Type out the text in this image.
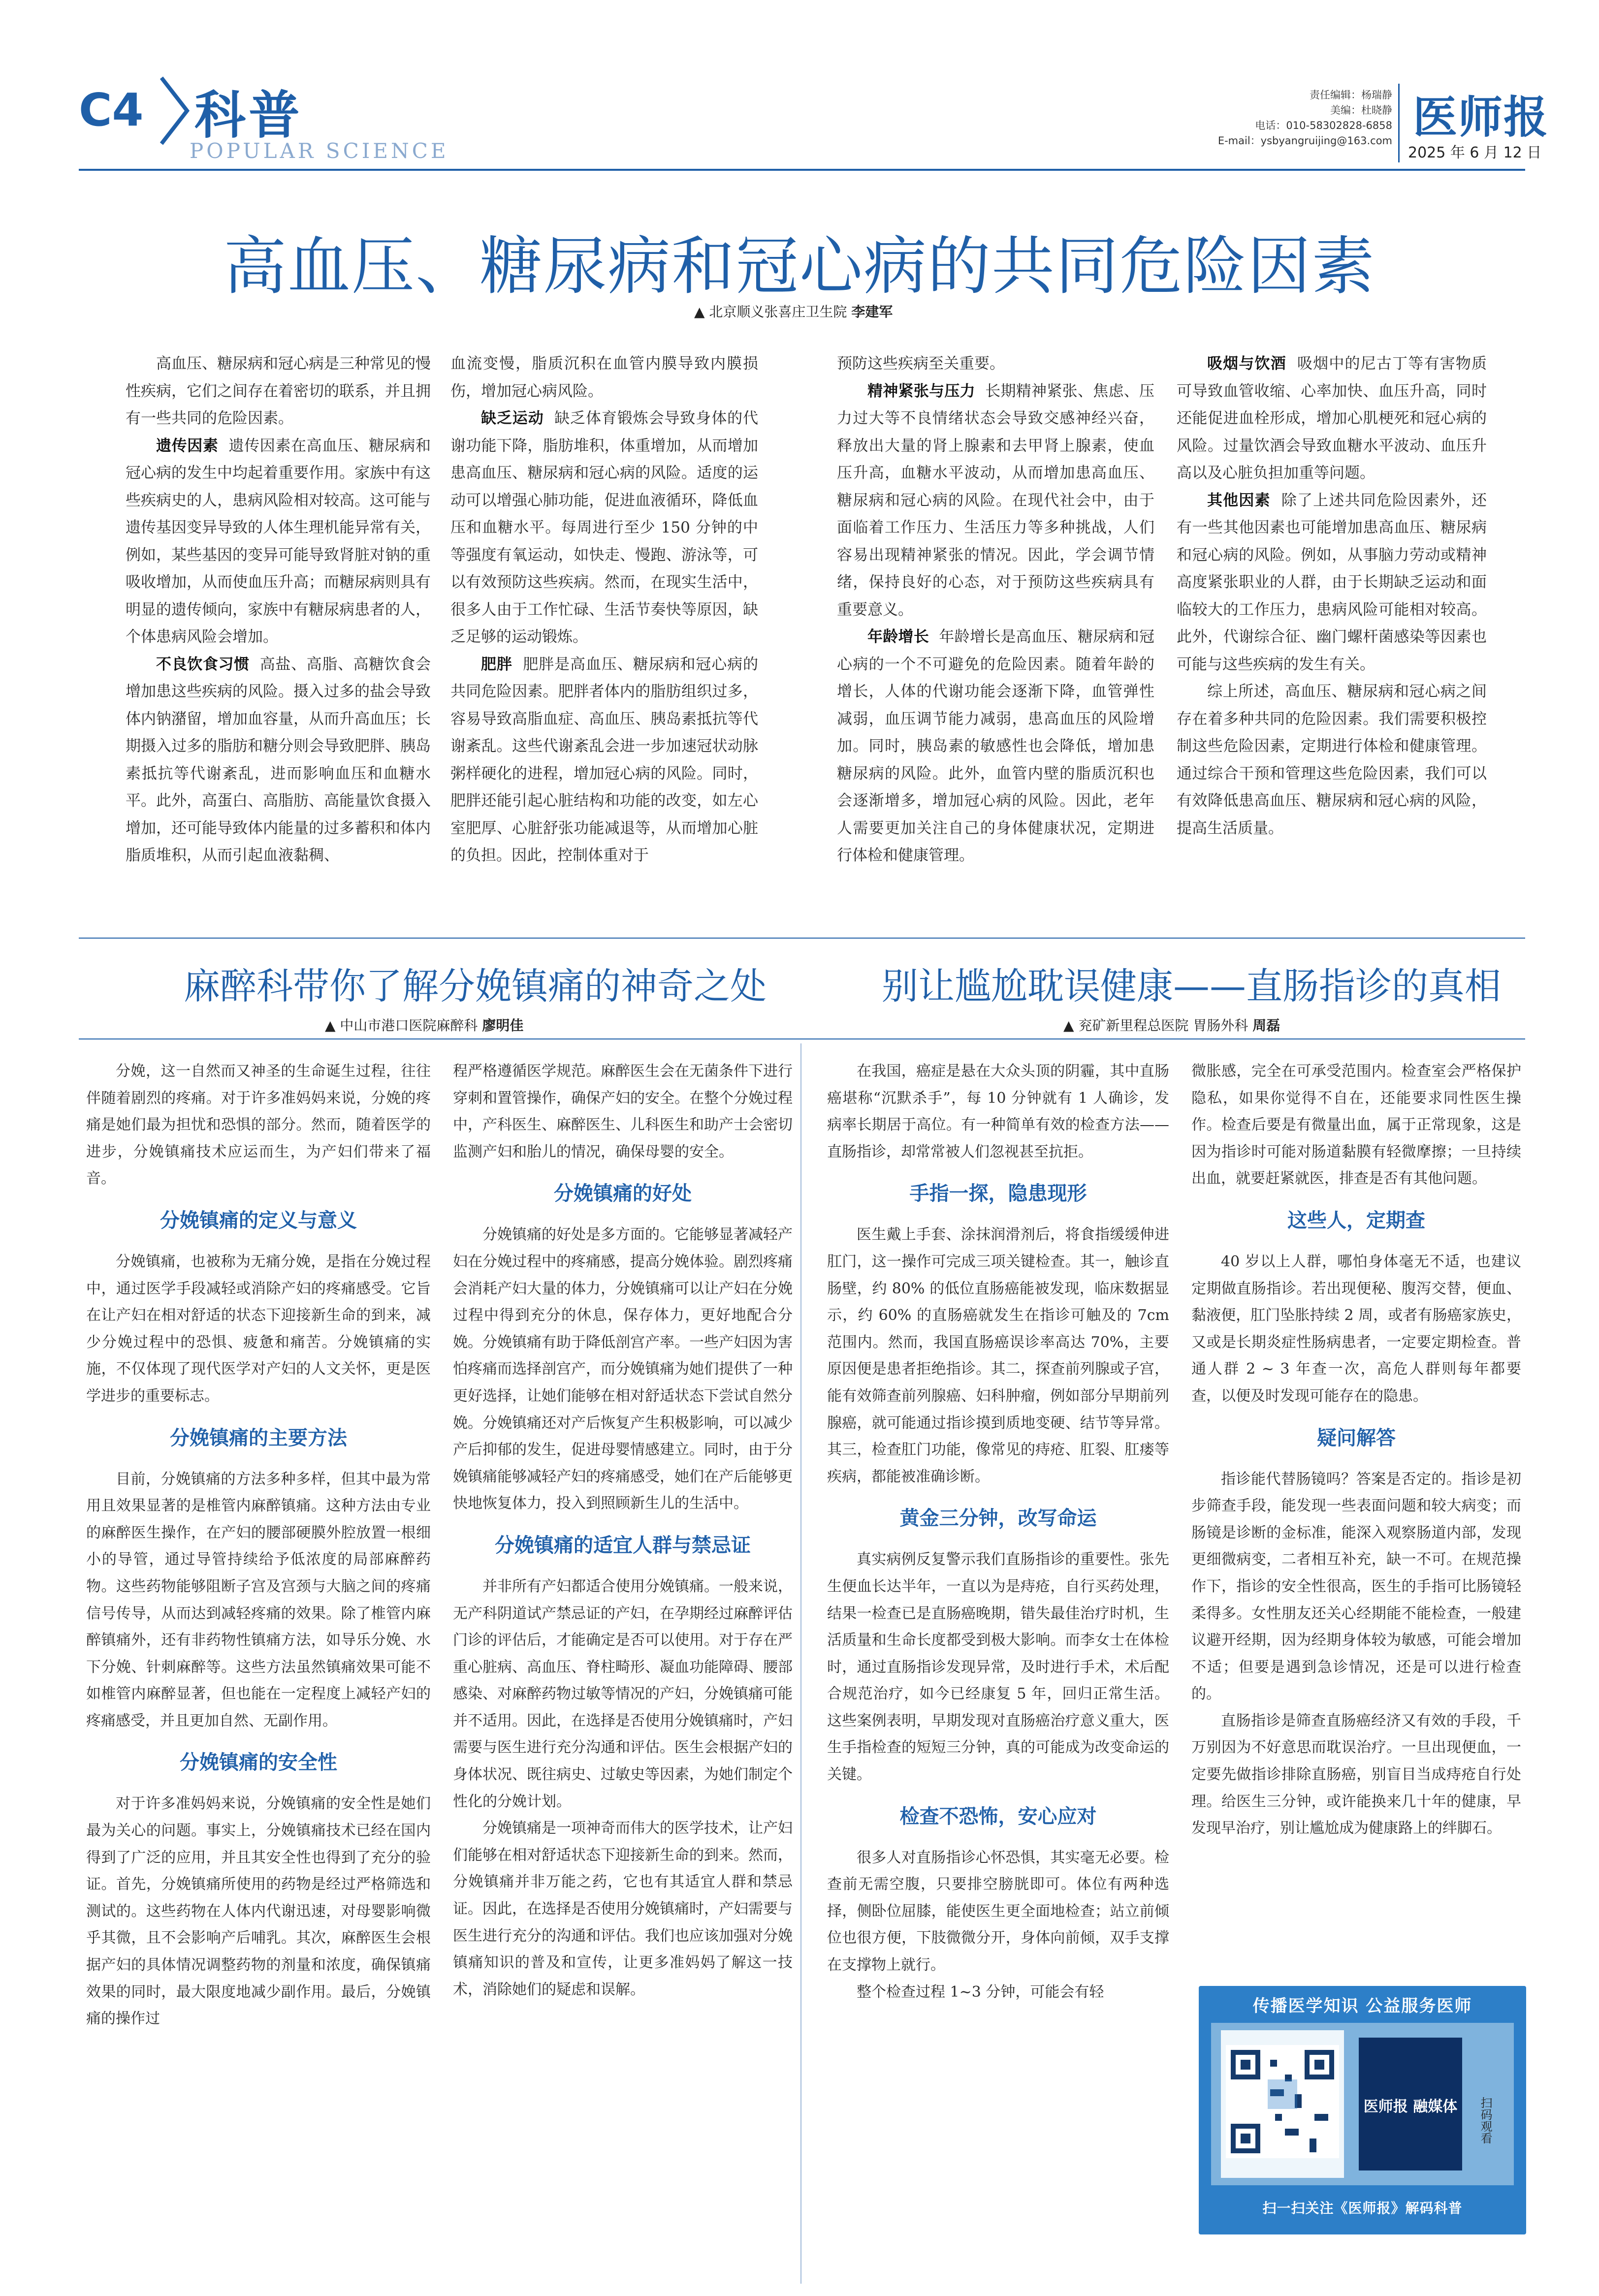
C4 科普
POPULAR SCIENCE
责任编辑：杨瑞静
美编：杜晓静
电话：010-58302828-6858
E-mail：ysbyangruijing@163.com 医师报
2025 年 6 月 12 日
高血压、糖尿病和冠心病的共同危险因素
▲ 北京顺义张喜庄卫生院 李建军

高血压、糖尿病和冠心病是三种常见的慢性疾病，它们之间存在着密切的联系，并且拥有一些共同的危险因素。

遗传因素 遗传因素在高血压、糖尿病和冠心病的发生中均起着重要作用。家族中有这些疾病史的人，患病风险相对较高。这可能与遗传基因变异导致的人体生理机能异常有关，例如，某些基因的变异可能导致肾脏对钠的重吸收增加，从而使血压升高；而糖尿病则具有明显的遗传倾向，家族中有糖尿病患者的人，个体患病风险会增加。

不良饮食习惯 高盐、高脂、高糖饮食会增加患这些疾病的风险。摄入过多的盐会导致体内钠潴留，增加血容量，从而升高血压；长期摄入过多的脂肪和糖分则会导致肥胖、胰岛素抵抗等代谢紊乱，进而影响血压和血糖水平。此外，高蛋白、高脂肪、高能量饮食摄入增加，还可能导致体内能量的过多蓄积和体内脂质堆积，从而引起血液黏稠、

血流变慢，脂质沉积在血管内膜导致内膜损伤，增加冠心病风险。

缺乏运动 缺乏体育锻炼会导致身体的代谢功能下降，脂肪堆积，体重增加，从而增加患高血压、糖尿病和冠心病的风险。适度的运动可以增强心肺功能，促进血液循环，降低血压和血糖水平。每周进行至少 150 分钟的中等强度有氧运动，如快走、慢跑、游泳等，可以有效预防这些疾病。然而，在现实生活中，很多人由于工作忙碌、生活节奏快等原因，缺乏足够的运动锻炼。

肥胖 肥胖是高血压、糖尿病和冠心病的共同危险因素。肥胖者体内的脂肪组织过多，容易导致高脂血症、高血压、胰岛素抵抗等代谢紊乱。这些代谢紊乱会进一步加速冠状动脉粥样硬化的进程，增加冠心病的风险。同时，肥胖还能引起心脏结构和功能的改变，如左心室肥厚、心脏舒张功能减退等，从而增加心脏的负担。因此，控制体重对于

预防这些疾病至关重要。

精神紧张与压力 长期精神紧张、焦虑、压力过大等不良情绪状态会导致交感神经兴奋，释放出大量的肾上腺素和去甲肾上腺素，使血压升高，血糖水平波动，从而增加患高血压、糖尿病和冠心病的风险。在现代社会中，由于面临着工作压力、生活压力等多种挑战，人们容易出现精神紧张的情况。因此，学会调节情绪，保持良好的心态，对于预防这些疾病具有重要意义。

年龄增长 年龄增长是高血压、糖尿病和冠心病的一个不可避免的危险因素。随着年龄的增长，人体的代谢功能会逐渐下降，血管弹性减弱，血压调节能力减弱，患高血压的风险增加。同时，胰岛素的敏感性也会降低，增加患糖尿病的风险。此外，血管内壁的脂质沉积也会逐渐增多，增加冠心病的风险。因此，老年人需要更加关注自己的身体健康状况，定期进行体检和健康管理。

吸烟与饮酒 吸烟中的尼古丁等有害物质可导致血管收缩、心率加快、血压升高，同时还能促进血栓形成，增加心肌梗死和冠心病的风险。过量饮酒会导致血糖水平波动、血压升高以及心脏负担加重等问题。

其他因素 除了上述共同危险因素外，还有一些其他因素也可能增加患高血压、糖尿病和冠心病的风险。例如，从事脑力劳动或精神高度紧张职业的人群，由于长期缺乏运动和面临较大的工作压力，患病风险可能相对较高。此外，代谢综合征、幽门螺杆菌感染等因素也可能与这些疾病的发生有关。

综上所述，高血压、糖尿病和冠心病之间存在着多种共同的危险因素。我们需要积极控制这些危险因素，定期进行体检和健康管理。通过综合干预和管理这些危险因素，我们可以有效降低患高血压、糖尿病和冠心病的风险，提高生活质量。

麻醉科带你了解分娩镇痛的神奇之处
▲ 中山市港口医院麻醉科 廖明佳

分娩，这一自然而又神圣的生命诞生过程，往往伴随着剧烈的疼痛。对于许多准妈妈来说，分娩的疼痛是她们最为担忧和恐惧的部分。然而，随着医学的进步，分娩镇痛技术应运而生，为产妇们带来了福音。

分娩镇痛的定义与意义

分娩镇痛，也被称为无痛分娩，是指在分娩过程中，通过医学手段减轻或消除产妇的疼痛感受。它旨在让产妇在相对舒适的状态下迎接新生命的到来，减少分娩过程中的恐惧、疲惫和痛苦。分娩镇痛的实施，不仅体现了现代医学对产妇的人文关怀，更是医学进步的重要标志。

分娩镇痛的主要方法

目前，分娩镇痛的方法多种多样，但其中最为常用且效果显著的是椎管内麻醉镇痛。这种方法由专业的麻醉医生操作，在产妇的腰部硬膜外腔放置一根细小的导管，通过导管持续给予低浓度的局部麻醉药物。这些药物能够阻断子宫及宫颈与大脑之间的疼痛信号传导，从而达到减轻疼痛的效果。除了椎管内麻醉镇痛外，还有非药物性镇痛方法，如导乐分娩、水下分娩、针刺麻醉等。这些方法虽然镇痛效果可能不如椎管内麻醉显著，但也能在一定程度上减轻产妇的疼痛感受，并且更加自然、无副作用。

分娩镇痛的安全性

对于许多准妈妈来说，分娩镇痛的安全性是她们最为关心的问题。事实上，分娩镇痛技术已经在国内得到了广泛的应用，并且其安全性也得到了充分的验证。首先，分娩镇痛所使用的药物是经过严格筛选和测试的。这些药物在人体内代谢迅速，对母婴影响微乎其微，且不会影响产后哺乳。其次，麻醉医生会根据产妇的具体情况调整药物的剂量和浓度，确保镇痛效果的同时，最大限度地减少副作用。最后，分娩镇痛的操作过

程严格遵循医学规范。麻醉医生会在无菌条件下进行穿刺和置管操作，确保产妇的安全。在整个分娩过程中，产科医生、麻醉医生、儿科医生和助产士会密切监测产妇和胎儿的情况，确保母婴的安全。

分娩镇痛的好处

分娩镇痛的好处是多方面的。它能够显著减轻产妇在分娩过程中的疼痛感，提高分娩体验。剧烈疼痛会消耗产妇大量的体力，分娩镇痛可以让产妇在分娩过程中得到充分的休息，保存体力，更好地配合分娩。分娩镇痛有助于降低剖宫产率。一些产妇因为害怕疼痛而选择剖宫产，而分娩镇痛为她们提供了一种更好选择，让她们能够在相对舒适状态下尝试自然分娩。分娩镇痛还对产后恢复产生积极影响，可以减少产后抑郁的发生，促进母婴情感建立。同时，由于分娩镇痛能够减轻产妇的疼痛感受，她们在产后能够更快地恢复体力，投入到照顾新生儿的生活中。

分娩镇痛的适宜人群与禁忌证

并非所有产妇都适合使用分娩镇痛。一般来说，无产科阴道试产禁忌证的产妇，在孕期经过麻醉评估门诊的评估后，才能确定是否可以使用。对于存在严重心脏病、高血压、脊柱畸形、凝血功能障碍、腰部感染、对麻醉药物过敏等情况的产妇，分娩镇痛可能并不适用。因此，在选择是否使用分娩镇痛时，产妇需要与医生进行充分沟通和评估。医生会根据产妇的身体状况、既往病史、过敏史等因素，为她们制定个性化的分娩计划。

分娩镇痛是一项神奇而伟大的医学技术，让产妇们能够在相对舒适状态下迎接新生命的到来。然而，分娩镇痛并非万能之药，它也有其适宜人群和禁忌证。因此，在选择是否使用分娩镇痛时，产妇需要与医生进行充分的沟通和评估。我们也应该加强对分娩镇痛知识的普及和宣传，让更多准妈妈了解这一技术，消除她们的疑虑和误解。

别让尴尬耽误健康——直肠指诊的真相
▲ 兖矿新里程总医院 胃肠外科 周磊

在我国，癌症是悬在大众头顶的阴霾，其中直肠癌堪称“沉默杀手”，每 10 分钟就有 1 人确诊，发病率长期居于高位。有一种简单有效的检查方法——直肠指诊，却常常被人们忽视甚至抗拒。

手指一探，隐患现形

医生戴上手套、涂抹润滑剂后，将食指缓缓伸进肛门，这一操作可完成三项关键检查。其一，触诊直肠壁，约 80% 的低位直肠癌能被发现，临床数据显示，约 60% 的直肠癌就发生在指诊可触及的 7cm 范围内。然而，我国直肠癌误诊率高达 70%，主要原因便是患者拒绝指诊。其二，探查前列腺或子宫，能有效筛查前列腺癌、妇科肿瘤，例如部分早期前列腺癌，就可能通过指诊摸到质地变硬、结节等异常。其三，检查肛门功能，像常见的痔疮、肛裂、肛瘘等疾病，都能被准确诊断。

黄金三分钟，改写命运

真实病例反复警示我们直肠指诊的重要性。张先生便血长达半年，一直以为是痔疮，自行买药处理，结果一检查已是直肠癌晚期，错失最佳治疗时机，生活质量和生命长度都受到极大影响。而李女士在体检时，通过直肠指诊发现异常，及时进行手术，术后配合规范治疗，如今已经康复 5 年，回归正常生活。这些案例表明，早期发现对直肠癌治疗意义重大，医生手指检查的短短三分钟，真的可能成为改变命运的关键。

检查不恐怖，安心应对

很多人对直肠指诊心怀恐惧，其实毫无必要。检查前无需空腹，只要排空膀胱即可。体位有两种选择，侧卧位屈膝，能使医生更全面地检查；站立前倾位也很方便，下肢微微分开，身体向前倾，双手支撑在支撑物上就行。

整个检查过程 1~3 分钟，可能会有轻

微胀感，完全在可承受范围内。检查室会严格保护隐私，如果你觉得不自在，还能要求同性医生操作。检查后要是有微量出血，属于正常现象，这是因为指诊时可能对肠道黏膜有轻微摩擦；一旦持续出血，就要赶紧就医，排查是否有其他问题。

这些人，定期查

40 岁以上人群，哪怕身体毫无不适，也建议定期做直肠指诊。若出现便秘、腹泻交替，便血、黏液便，肛门坠胀持续 2 周，或者有肠癌家族史，又或是长期炎症性肠病患者，一定要定期检查。普通人群 2 ~ 3 年查一次，高危人群则每年都要查，以便及时发现可能存在的隐患。

疑问解答

指诊能代替肠镜吗？答案是否定的。指诊是初步筛查手段，能发现一些表面问题和较大病变；而肠镜是诊断的金标准，能深入观察肠道内部，发现更细微病变，二者相互补充，缺一不可。在规范操作下，指诊的安全性很高，医生的手指可比肠镜轻柔得多。女性朋友还关心经期能不能检查，一般建议避开经期，因为经期身体较为敏感，可能会增加不适；但要是遇到急诊情况，还是可以进行检查的。

直肠指诊是筛查直肠癌经济又有效的手段，千万别因为不好意思而耽误治疗。一旦出现便血，一定要先做指诊排除直肠癌，别盲目当成痔疮自行处理。给医生三分钟，或许能换来几十年的健康，早发现早治疗，别让尴尬成为健康路上的绊脚石。

传播医学知识 公益服务医师
医师报 融媒体 扫码观看
扫一扫关注《医师报》解码科普
